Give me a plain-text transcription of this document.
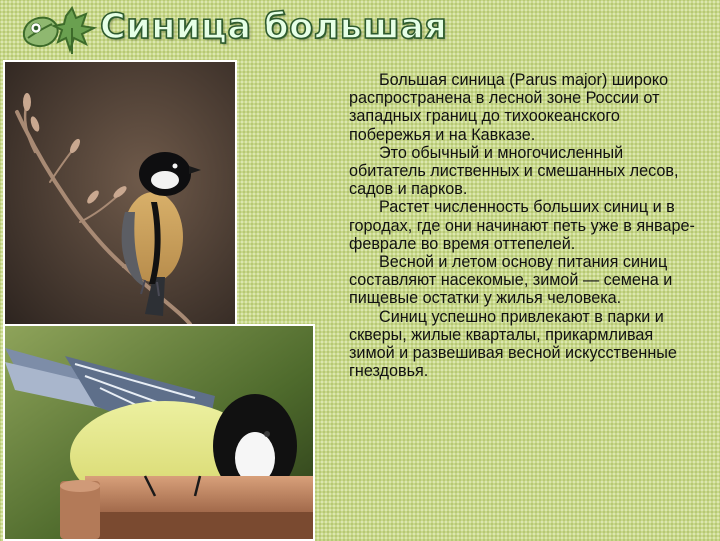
Синица большая

Большая синица (Parus major) широко распространена в лесной зоне России от западных границ до тихоокеанского побережья и на Кавказе.

Это обычный и многочисленный обитатель лиственных и смешанных лесов, садов и парков.

Растет численность больших синиц и в городах, где они начинают петь уже в январе-феврале во время оттепелей.

Весной и летом основу питания синиц составляют насекомые, зимой — семена и пищевые остатки у жилья человека.

Синиц успешно привлекают в парки и скверы, жилые кварталы, прикармливая зимой и развешивая весной искусственные гнездовья.
